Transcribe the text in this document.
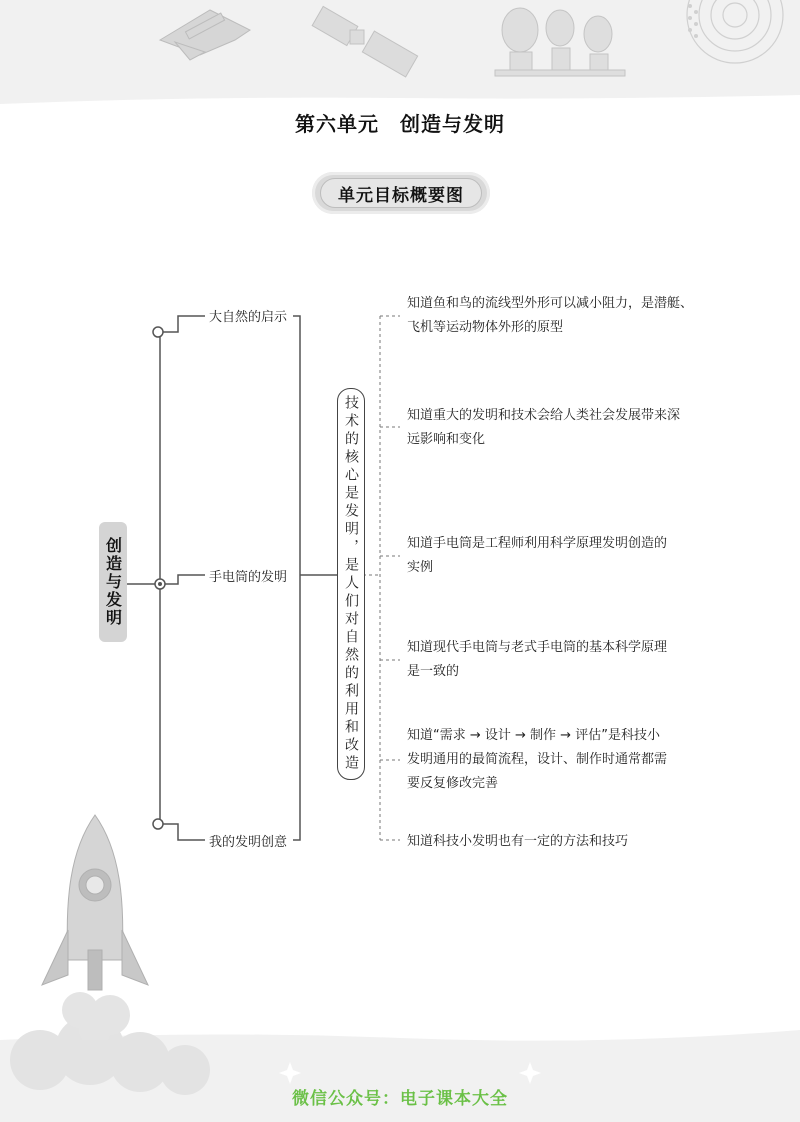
第六单元　创造与发明
单元目标概要图
创造与发明
大自然的启示
手电筒的发明
我的发明创意
技术的核心是发明，是人们对自然的利用和改造
知道鱼和鸟的流线型外形可以减小阻力，是潜艇、
飞机等运动物体外形的原型
知道重大的发明和技术会给人类社会发展带来深
远影响和变化
知道手电筒是工程师利用科学原理发明创造的
实例
知道现代手电筒与老式手电筒的基本科学原理
是一致的
知道“需求 → 设计 → 制作 → 评估”是科技小
发明通用的最简流程，设计、制作时通常都需
要反复修改完善
知道科技小发明也有一定的方法和技巧
微信公众号：电子课本大全
